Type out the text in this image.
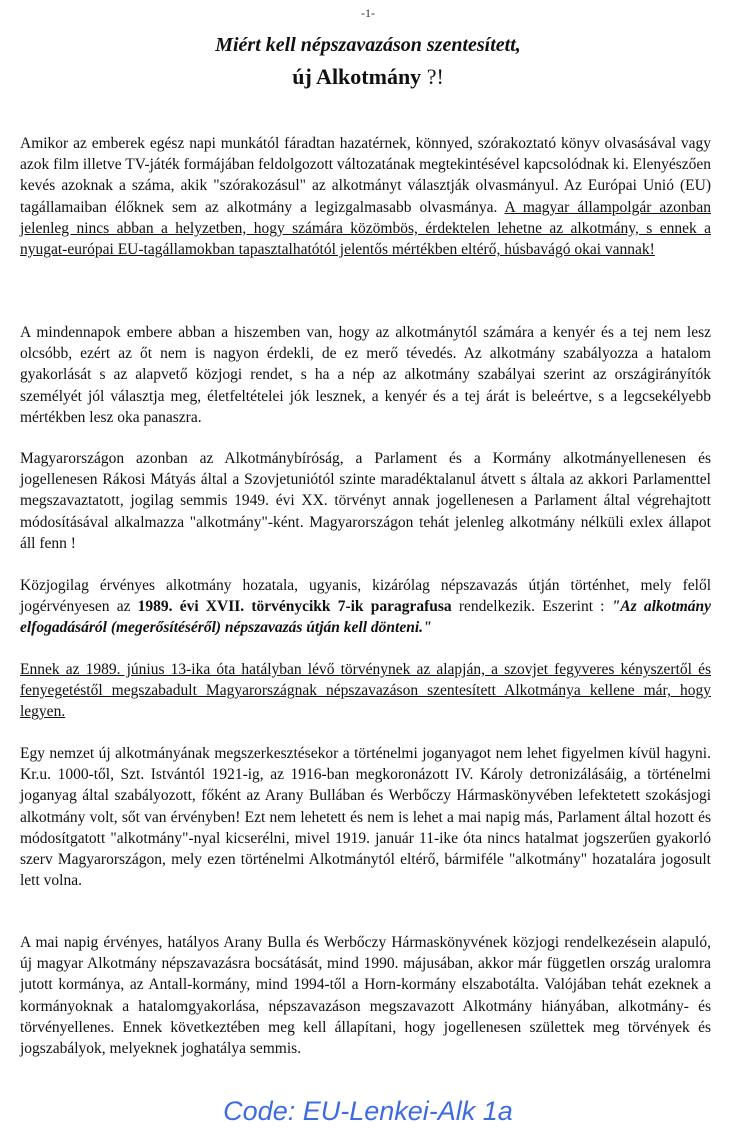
-1-
Miért kell népszavazáson szentesített,
új Alkotmány ?!

Amikor az emberek egész napi munkától fáradtan hazatérnek, könnyed, szórakoztató könyv olvasásával vagy azok film illetve TV-játék formájában feldolgozott változatának megtekintésével kapcsolódnak ki. Elenyészően kevés azoknak a száma, akik "szórakozásul" az alkotmányt választják olvasmányul. Az Európai Unió (EU) tagállamaiban élőknek sem az alkotmány a legizgalmasabb olvasmánya. A magyar állampolgár azonban jelenleg nincs abban a helyzetben, hogy számára közömbös, érdektelen lehetne az alkotmány, s ennek a nyugat-európai EU-tagállamokban tapasztalhatótól jelentős mértékben eltérő, húsbavágó okai vannak!

A mindennapok embere abban a hiszemben van, hogy az alkotmánytól számára a kenyér és a tej nem lesz olcsóbb, ezért az őt nem is nagyon érdekli, de ez merő tévedés. Az alkotmány szabályozza a hatalom gyakorlását s az alapvető közjogi rendet, s ha a nép az alkotmány szabályai szerint az országirányítók személyét jól választja meg, életfeltételei jók lesznek, a kenyér és a tej árát is beleértve, s a legcsekélyebb mértékben lesz oka panaszra.

Magyarországon azonban az Alkotmánybíróság, a Parlament és a Kormány alkotmányellenesen és jogellenesen Rákosi Mátyás által a Szovjetuniótól szinte maradéktalanul átvett s általa az akkori Parlamenttel megszavaztatott, jogilag semmis 1949. évi XX. törvényt annak jogellenesen a Parlament által végrehajtott módosításával alkalmazza "alkotmány"-ként. Magyarországon tehát jelenleg alkotmány nélküli exlex állapot áll fenn !

Közjogilag érvényes alkotmány hozatala, ugyanis, kizárólag népszavazás útján történhet, mely felől jogérvényesen az 1989. évi XVII. törvénycikk 7-ik paragrafusa rendelkezik. Eszerint : "Az alkotmány elfogadásáról (megerősítéséről) népszavazás útján kell dönteni."

Ennek az 1989. június 13-ika óta hatályban lévő törvénynek az alapján, a szovjet fegyveres kényszertől és fenyegetéstől megszabadult Magyarországnak népszavazáson szentesített Alkotmánya kellene már, hogy legyen.

Egy nemzet új alkotmányának megszerkesztésekor a történelmi joganyagot nem lehet figyelmen kívül hagyni. Kr.u. 1000-től, Szt. Istvántól 1921-ig, az 1916-ban megkoronázott IV. Károly detronizálásáig, a történelmi joganyag által szabályozott, főként az Arany Bullában és Werbőczy Hármaskönyvében lefektetett szokásjogi alkotmány volt, sőt van érvényben! Ezt nem lehetett és nem is lehet a mai napig más, Parlament által hozott és módosítgatott "alkotmány"-nyal kicserélni, mivel 1919. január 11-ike óta nincs hatalmat jogszerűen gyakorló szerv Magyarországon, mely ezen történelmi Alkotmánytól eltérő, bármiféle "alkotmány" hozatalára jogosult lett volna.

A mai napig érvényes, hatályos Arany Bulla és Werbőczy Hármaskönyvének közjogi rendelkezésein alapuló, új magyar Alkotmány népszavazásra bocsátását, mind 1990. májusában, akkor már független ország uralomra jutott kormánya, az Antall-kormány, mind 1994-től a Horn-kormány elszabotálta. Valójában tehát ezeknek a kormányoknak a hatalomgyakorlása, népszavazáson megszavazott Alkotmány hiányában, alkotmány- és törvényellenes. Ennek következtében meg kell állapítani, hogy jogellenesen születtek meg törvények és jogszabályok, melyeknek joghatálya semmis.

Code: EU-Lenkei-Alk 1a
